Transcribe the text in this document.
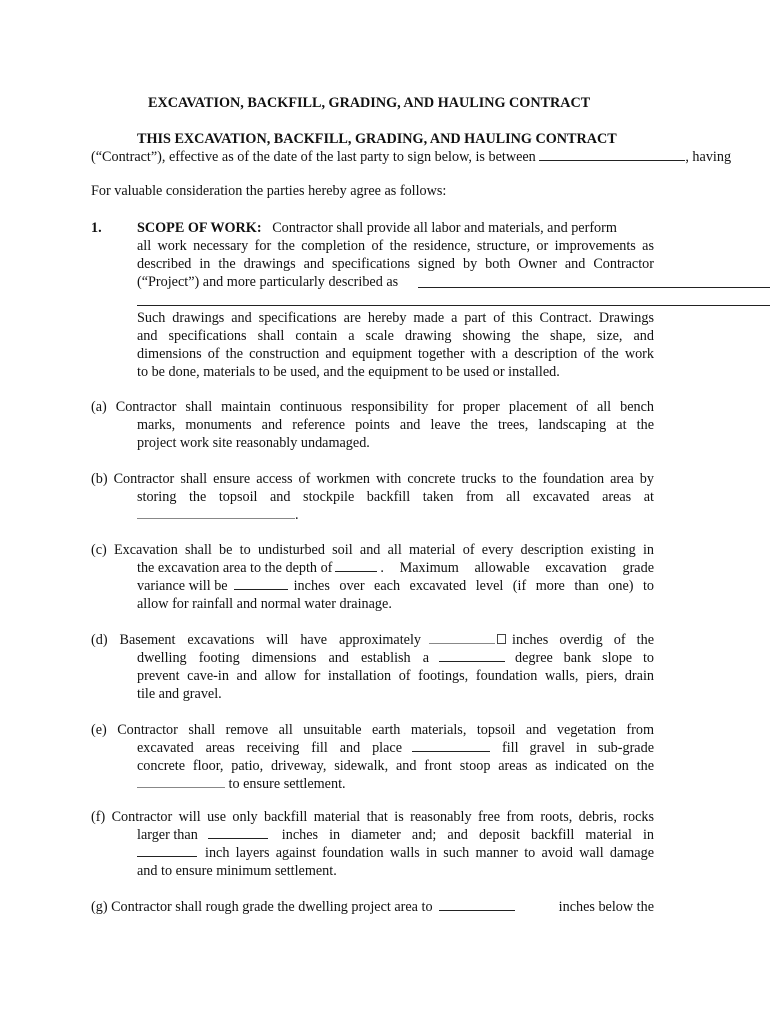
EXCAVATION, BACKFILL, GRADING, AND HAULING CONTRACT
THIS EXCAVATION, BACKFILL, GRADING, AND HAULING CONTRACT
(“Contract”), effective as of the date of the last party to sign below, is between	, having
For valuable consideration the parties hereby agree as follows:
1. SCOPE OF WORK: Contractor shall provide all labor and materials, and perform
all work necessary for the completion of the residence, structure, or improvements as
described in the drawings and specifications signed by both Owner and Contractor
(“Project”) and more particularly described as
Such drawings and specifications are hereby made a part of this Contract. Drawings
and specifications shall contain a scale drawing showing the shape, size, and
dimensions of the construction and equipment together with a description of the work
to be done, materials to be used, and the equipment to be used or installed.
(a) Contractor shall maintain continuous responsibility for proper placement of all bench
marks, monuments and reference points and leave the trees, landscaping at the
project work site reasonably undamaged.
(b) Contractor shall ensure access of workmen with concrete trucks to the foundation area by
storing the topsoil and stockpile backfill taken from all excavated areas at
.
(c) Excavation shall be to undisturbed soil and all material of every description existing in
the excavation area to the depth of	. Maximum allowable excavation grade
variance will be	inches over each excavated level (if more than one) to
allow for rainfall and normal water drainage.
(d) Basement excavations will have approximately	inches overdig of the
dwelling footing dimensions and establish a	degree bank slope to
prevent cave-in and allow for installation of footings, foundation walls, piers, drain
tile and gravel.
(e) Contractor shall remove all unsuitable earth materials, topsoil and vegetation from
excavated areas receiving fill and place	fill gravel in sub-grade
concrete floor, patio, driveway, sidewalk, and front stoop areas as indicated on the
to ensure settlement.
(f) Contractor will use only backfill material that is reasonably free from roots, debris, rocks
larger than	inches in diameter and; and deposit backfill material in
inch layers against foundation walls in such manner to avoid wall damage
and to ensure minimum settlement.
(g) Contractor shall rough grade the dwelling project area to	inches below the
